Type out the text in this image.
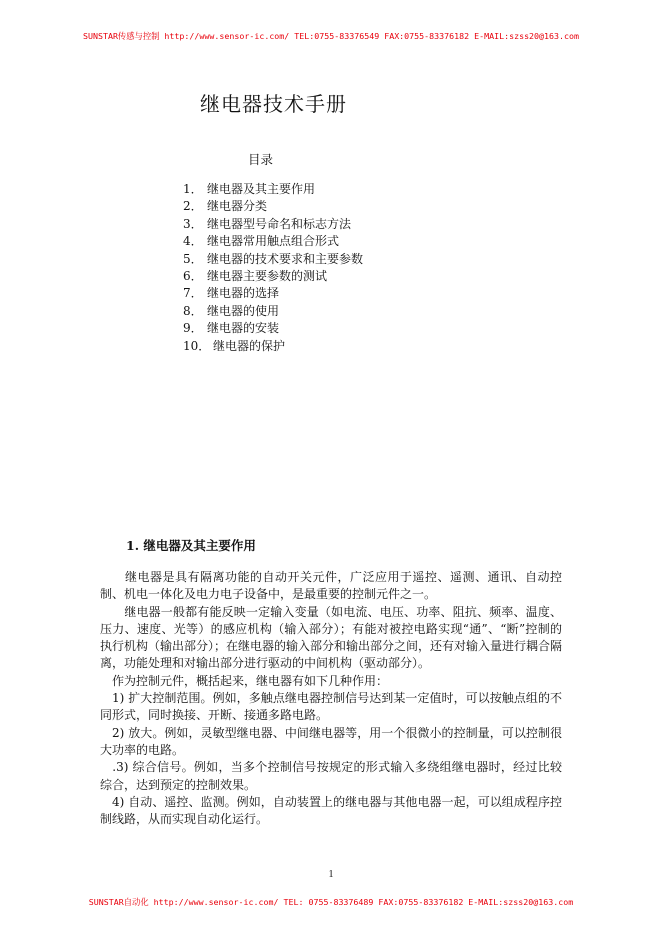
SUNSTAR传感与控制 http://www.sensor-ic.com/ TEL:0755-83376549 FAX:0755-83376182 E-MAIL:szss20@163.com
继电器技术手册
目录
1． 继电器及其主要作用
2． 继电器分类
3． 继电器型号命名和标志方法
4． 继电器常用触点组合形式
5． 继电器的技术要求和主要参数
6． 继电器主要参数的测试
7． 继电器的选择
8． 继电器的使用
9． 继电器的安装
10． 继电器的保护
1. 继电器及其主要作用

　　继电器是具有隔离功能的自动开关元件，广泛应用于遥控、遥测、通讯、自动控制、机电一体化及电力电子设备中，是最重要的控制元件之一。

　　继电器一般都有能反映一定输入变量（如电流、电压、功率、阻抗、频率、温度、压力、速度、光等）的感应机构（输入部分）；有能对被控电路实现“通”、“断”控制的执行机构（输出部分）；在继电器的输入部分和输出部分之间，还有对输入量进行耦合隔离，功能处理和对输出部分进行驱动的中间机构（驱动部分）。

　作为控制元件，概括起来，继电器有如下几种作用：

　1) 扩大控制范围。例如，多触点继电器控制信号达到某一定值时，可以按触点组的不同形式，同时换接、开断、接通多路电路。

　2) 放大。例如，灵敏型继电器、中间继电器等，用一个很微小的控制量，可以控制很大功率的电路。

　.3) 综合信号。例如，当多个控制信号按规定的形式输入多绕组继电器时，经过比较综合，达到预定的控制效果。

　4) 自动、遥控、监测。例如，自动装置上的继电器与其他电器一起，可以组成程序控制线路，从而实现自动化运行。

1
SUNSTAR自动化 http://www.sensor-ic.com/ TEL: 0755-83376489 FAX:0755-83376182 E-MAIL:szss20@163.com
